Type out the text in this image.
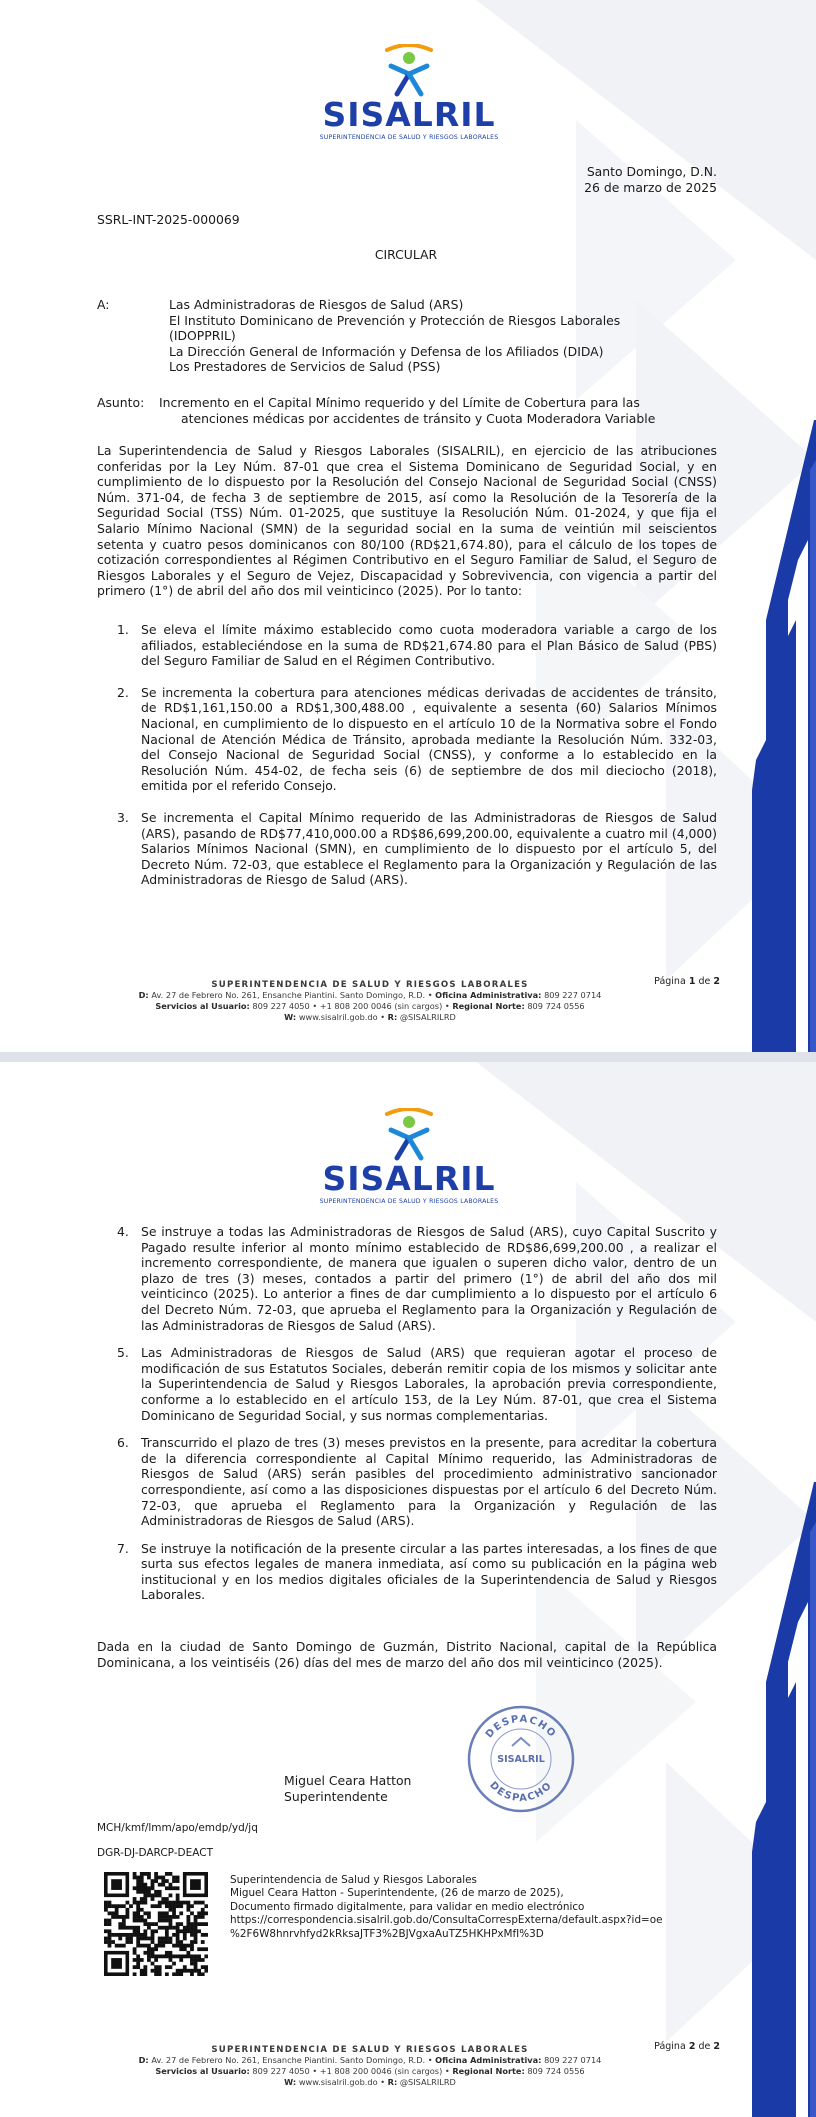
SISALRIL
SUPERINTENDENCIA DE SALUD Y RIESGOS LABORALES
Santo Domingo, D.N.
26 de marzo de 2025
SSRL-INT-2025-000069
CIRCULAR
A:	Las Administradoras de Riesgos de Salud (ARS)
El Instituto Dominicano de Prevención y Protección de Riesgos Laborales
(IDOPPRIL)
La Dirección General de Información y Defensa de los Afiliados (DIDA)
Los Prestadores de Servicios de Salud (PSS)
Asunto: Incremento en el Capital Mínimo requerido y del Límite de Cobertura para las
atenciones médicas por accidentes de tránsito y Cuota Moderadora Variable
La Superintendencia de Salud y Riesgos Laborales (SISALRIL), en ejercicio de las atribuciones conferidas por la Ley Núm. 87-01 que crea el Sistema Dominicano de Seguridad Social, y en cumplimiento de lo dispuesto por la Resolución del Consejo Nacional de Seguridad Social (CNSS) Núm. 371-04, de fecha 3 de septiembre de 2015, así como la Resolución de la Tesorería de la Seguridad Social (TSS) Núm. 01-2025, que sustituye la Resolución Núm. 01-2024, y que fija el Salario Mínimo Nacional (SMN) de la seguridad social en la suma de veintiún mil seiscientos setenta y cuatro pesos dominicanos con 80/100 (RD$21,674.80), para el cálculo de los topes de cotización correspondientes al Régimen Contributivo en el Seguro Familiar de Salud, el Seguro de Riesgos Laborales y el Seguro de Vejez, Discapacidad y Sobrevivencia, con vigencia a partir del primero (1°) de abril del año dos mil veinticinco (2025). Por lo tanto:
1. Se eleva el límite máximo establecido como cuota moderadora variable a cargo de los afiliados, estableciéndose en la suma de RD$21,674.80 para el Plan Básico de Salud (PBS) del Seguro Familiar de Salud en el Régimen Contributivo.
2. Se incrementa la cobertura para atenciones médicas derivadas de accidentes de tránsito, de RD$1,161,150.00 a RD$1,300,488.00 , equivalente a sesenta (60) Salarios Mínimos Nacional, en cumplimiento de lo dispuesto en el artículo 10 de la Normativa sobre el Fondo Nacional de Atención Médica de Tránsito, aprobada mediante la Resolución Núm. 332-03, del Consejo Nacional de Seguridad Social (CNSS), y conforme a lo establecido en la Resolución Núm. 454-02, de fecha seis (6) de septiembre de dos mil dieciocho (2018), emitida por el referido Consejo.
3. Se incrementa el Capital Mínimo requerido de las Administradoras de Riesgos de Salud (ARS), pasando de RD$77,410,000.00 a RD$86,699,200.00, equivalente a cuatro mil (4,000) Salarios Mínimos Nacional (SMN), en cumplimiento de lo dispuesto por el artículo 5, del Decreto Núm. 72-03, que establece el Reglamento para la Organización y Regulación de las Administradoras de Riesgo de Salud (ARS).
Página 1 de 2
SUPERINTENDENCIA DE SALUD Y RIESGOS LABORALES
D: Av. 27 de Febrero No. 261, Ensanche Piantini. Santo Domingo, R.D. • Oficina Administrativa: 809 227 0714
Servicios al Usuario: 809 227 4050 • +1 808 200 0046 (sin cargos) • Regional Norte: 809 724 0556
W: www.sisalril.gob.do • R: @SISALRILRD
SISALRIL
SUPERINTENDENCIA DE SALUD Y RIESGOS LABORALES
4. Se instruye a todas las Administradoras de Riesgos de Salud (ARS), cuyo Capital Suscrito y Pagado resulte inferior al monto mínimo establecido de RD$86,699,200.00 , a realizar el incremento correspondiente, de manera que igualen o superen dicho valor, dentro de un plazo de tres (3) meses, contados a partir del primero (1°) de abril del año dos mil veinticinco (2025). Lo anterior a fines de dar cumplimiento a lo dispuesto por el artículo 6 del Decreto Núm. 72-03, que aprueba el Reglamento para la Organización y Regulación de las Administradoras de Riesgos de Salud (ARS).
5. Las Administradoras de Riesgos de Salud (ARS) que requieran agotar el proceso de modificación de sus Estatutos Sociales, deberán remitir copia de los mismos y solicitar ante la Superintendencia de Salud y Riesgos Laborales, la aprobación previa correspondiente, conforme a lo establecido en el artículo 153, de la Ley Núm. 87-01, que crea el Sistema Dominicano de Seguridad Social, y sus normas complementarias.
6. Transcurrido el plazo de tres (3) meses previstos en la presente, para acreditar la cobertura de la diferencia correspondiente al Capital Mínimo requerido, las Administradoras de Riesgos de Salud (ARS) serán pasibles del procedimiento administrativo sancionador correspondiente, así como a las disposiciones dispuestas por el artículo 6 del Decreto Núm. 72-03, que aprueba el Reglamento para la Organización y Regulación de las Administradoras de Riesgos de Salud (ARS).
7. Se instruye la notificación de la presente circular a las partes interesadas, a los fines de que surta sus efectos legales de manera inmediata, así como su publicación en la página web institucional y en los medios digitales oficiales de la Superintendencia de Salud y Riesgos Laborales.
Dada en la ciudad de Santo Domingo de Guzmán, Distrito Nacional, capital de la República Dominicana, a los veintiséis (26) días del mes de marzo del año dos mil veinticinco (2025).
DESPACHO
SISALRIL
DESPACHO
Miguel Ceara Hatton
Superintendente
MCH/kmf/lmm/apo/emdp/yd/jq
DGR-DJ-DARCP-DEACT
Superintendencia de Salud y Riesgos Laborales
Miguel Ceara Hatton - Superintendente, (26 de marzo de 2025),
Documento firmado digitalmente, para validar en medio electrónico
https://correspondencia.sisalril.gob.do/ConsultaCorrespExterna/default.aspx?id=oe
%2F6W8hnrvhfyd2kRksaJTF3%2BJVgxaAuTZ5HKHPxMfI%3D
Página 2 de 2
SUPERINTENDENCIA DE SALUD Y RIESGOS LABORALES
D: Av. 27 de Febrero No. 261, Ensanche Piantini. Santo Domingo, R.D. • Oficina Administrativa: 809 227 0714
Servicios al Usuario: 809 227 4050 • +1 808 200 0046 (sin cargos) • Regional Norte: 809 724 0556
W: www.sisalril.gob.do • R: @SISALRILRD
